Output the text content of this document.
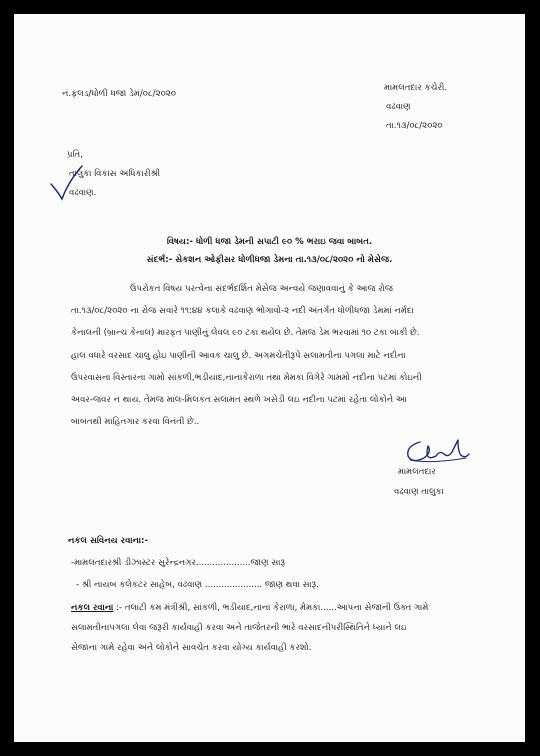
નં.ફલડ/ધોળી ધજા ડેમ/૦૮/૨૦૨૦
મામલતદાર કચેરી.
વઢવાણ
તા.૧૩/૦૮/૨૦૨૦
પ્રતિ,
તાલુકા વિકાસ અધિકારીશ્રી
વઢવાણ.
વિષય:- ધોળી ધજા ડેમની સપાટી ૯૦ % ભરાઇ જવા બાબત.
સંદર્ભ:- સેકશન ઓફીસર ધોળીધજા ડેમના તા.૧૩/૦૮/૨૦૨૦ નો મેસેજ.
ઉપરોકત વિષય પરત્વેના સંદર્ભદર્શિત મેસેજ અન્વયે જણાવવાનું કે આજ રોજ
તા.૧૩/૦૮/૨૦૨૦ ના રોજ સવારે ૧૧:૪૪ કલાકે વઢવાણ ભોગાવો-૨ નદી અંતર્ગત ધોળીધજા ડેમમાં નર્મદા
કેનાલની (બ્રાન્ચ કેનાલ) મારફત પાણીનું લેવલ ૯૦ ટકા થયેલ છે. તેમજ ડેમ ભરવામાં ૧૦ ટકા બાકી છે.
હાલ વધારે વરસાદ ચાલુ હોઇ પાણીની આવક ચાલુ છે. અગમચેતીરૂપે સલામતીના પગલા માટે નદીના
ઉપરવાસના વિસ્તારના ગામો સાંકળી,ભડીયાદ,નાનાકેરાળા તથા મેમકા વિગેરે ગામમો નદીના પટમાં કોઇની
અવર-જવર ન થાય. તેમજ માલ-મિલકત સલામત સ્થળે ખસેડી લઇ નદીના પટમાં રહેતા લોકોને આ
બાબતથી માહિતગાર કરવા વિનંતી છે..
મામલતદાર
વઢવાણ તાલુકા
નકલ સવિનય રવાના:-
-મામલતદારશ્રી ડીઝાસ્ટર સુરેન્દ્રનગર....................જાણ સારૂ
- શ્રી નાયબ કલેકટર સાહેબ, વઢવાણ ..................... જાણ થવા સારૂ.
નકલ રવાના :- તલાટી કમ મંત્રીશ્રી, સાંકળી, ભડીયાદ,નાના કેરાળા, મેમકા......આપના સેજાની ઉક્ત ગામે
સલામતીનાપગલા લેવા જરૂરી કાર્યવાહી કરવા અને તાજેતરની ભારે વરસાદનીપરીસ્થિતિને ધ્યાને લઇ
સેજાના ગામે રહેવા અને લોકોને સાવચેત કરવા યોગ્ય કાર્યવાહી કરશો.
